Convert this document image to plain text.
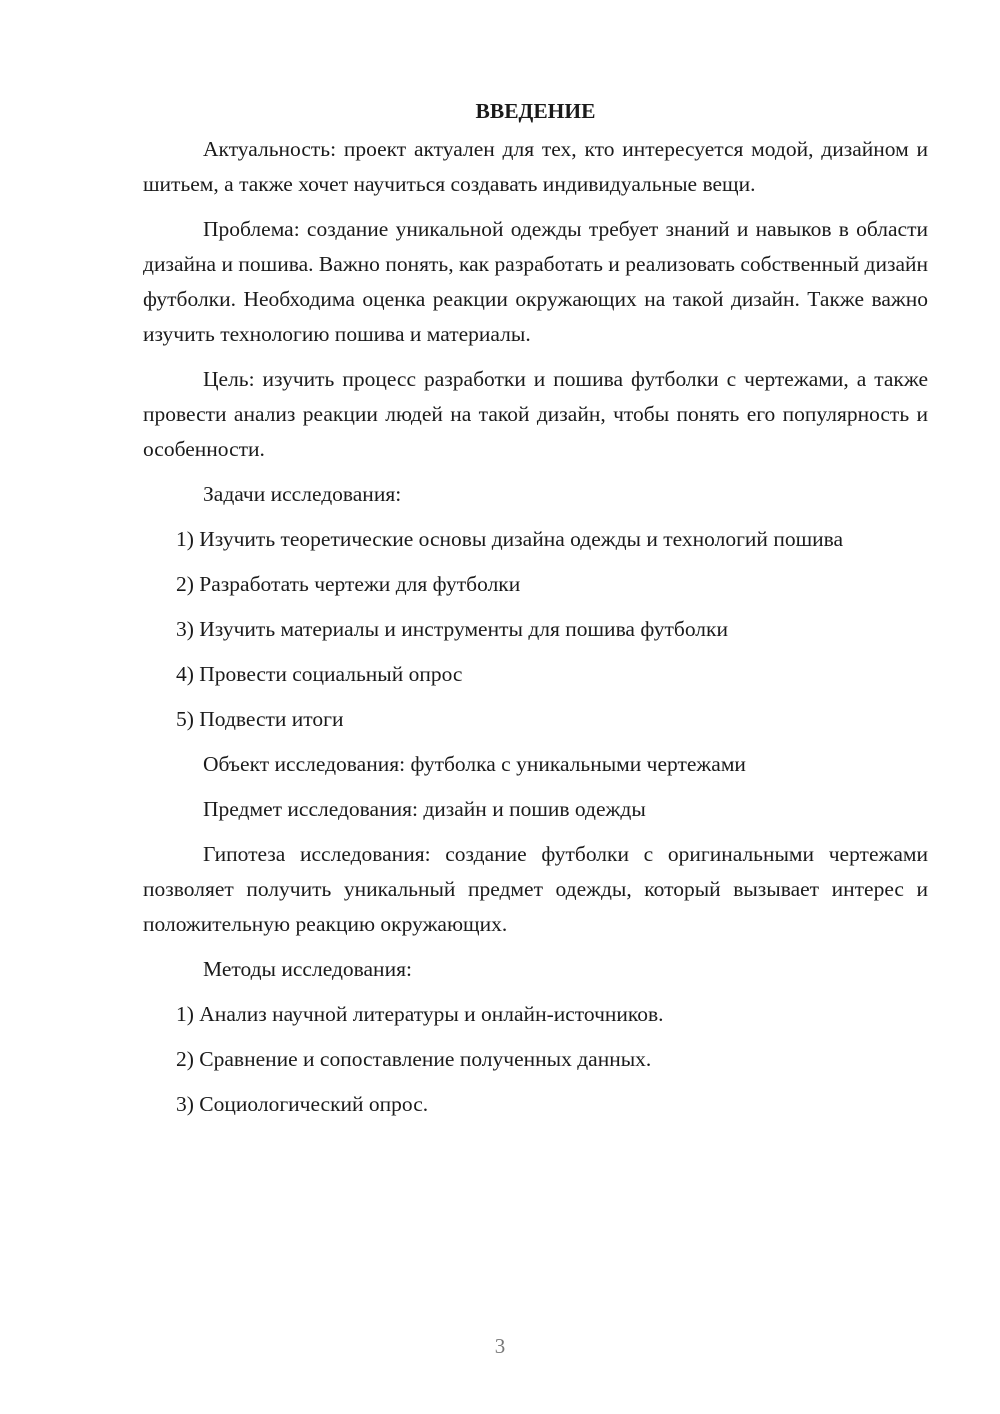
ВВЕДЕНИЕ

Актуальность: проект актуален для тех, кто интересуется модой, дизайном и шитьем, а также хочет научиться создавать индивидуальные вещи.

Проблема: создание уникальной одежды требует знаний и навыков в области дизайна и пошива. Важно понять, как разработать и реализовать собственный дизайн футболки. Необходима оценка реакции окружающих на такой дизайн. Также важно изучить технологию пошива и материалы.

Цель: изучить процесс разработки и пошива футболки с чертежами, а также провести анализ реакции людей на такой дизайн, чтобы понять его популярность и особенности.

Задачи исследования:

1) Изучить теоретические основы дизайна одежды и технологий пошива

2) Разработать чертежи для футболки

3) Изучить материалы и инструменты для пошива футболки

4) Провести социальный опрос

5) Подвести итоги

Объект исследования: футболка с уникальными чертежами

Предмет исследования: дизайн и пошив одежды

Гипотеза исследования: создание футболки с оригинальными чертежами позволяет получить уникальный предмет одежды, который вызывает интерес и положительную реакцию окружающих.

Методы исследования:

1) Анализ научной литературы и онлайн-источников.

2) Сравнение и сопоставление полученных данных.

3) Социологический опрос.

3
